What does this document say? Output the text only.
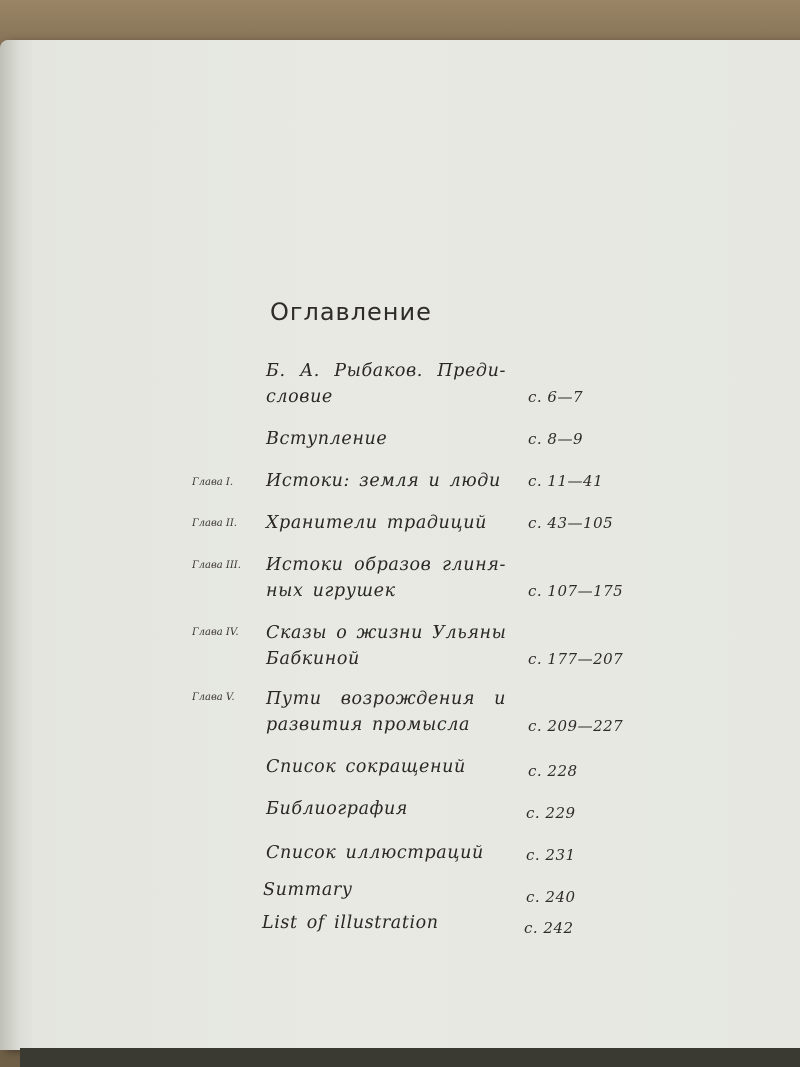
Оглавление
Б. А. Рыбаков. Преди-
словие	с. 6—7
Вступление	с. 8—9
Глава I. Истоки: земля и люди	с. 11—41
Глава II. Хранители традиций	с. 43—105
Глава III. Истоки образов глиня-
ных игрушек	с. 107—175
Глава IV. Сказы о жизни Ульяны
Бабкиной	с. 177—207
Глава V. Пути возрождения и
развития промысла	с. 209—227
Список сокращений	с. 228
Библиография	с. 229
Список иллюстраций	с. 231
Summary	с. 240
List of illustration	с. 242
